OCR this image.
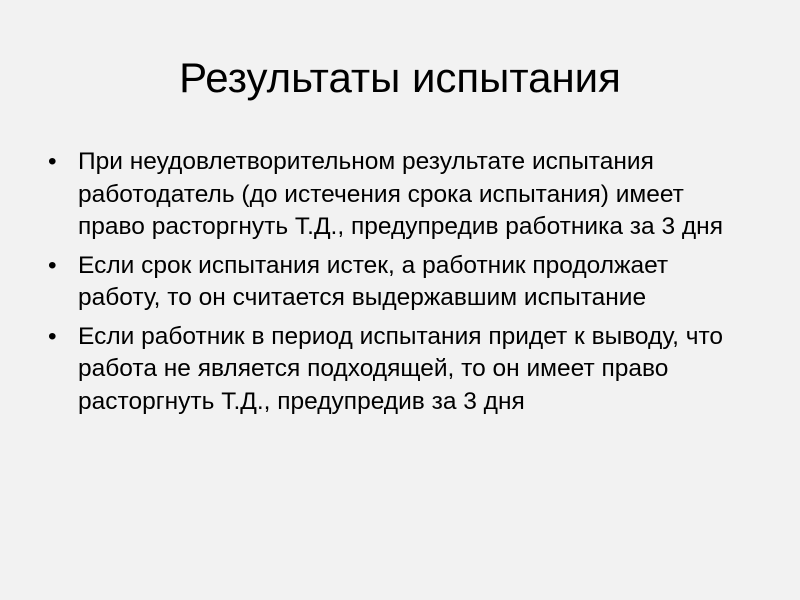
Результаты испытания
• При неудовлетворительном результате испытания работодатель (до истечения срока испытания) имеет право расторгнуть Т.Д., предупредив работника за 3 дня
• Если срок испытания истек, а работник продолжает работу, то он считается выдержавшим испытание
• Если работник в период испытания придет к выводу, что работа не является подходящей, то он имеет право расторгнуть Т.Д., предупредив за 3 дня
